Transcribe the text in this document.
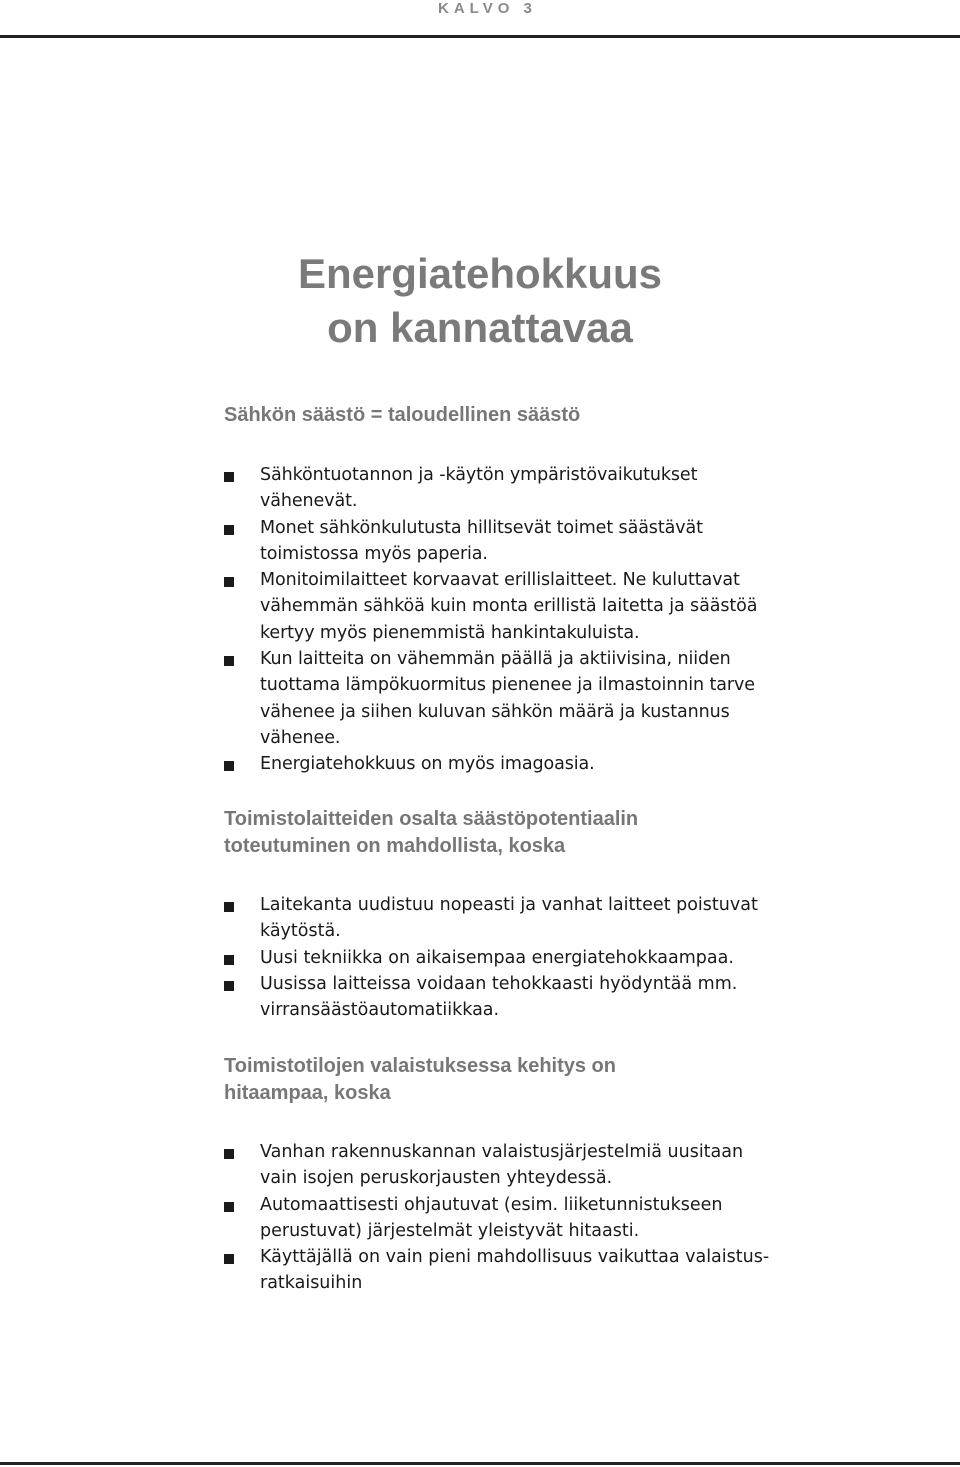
KALVO 3
Energiatehokkuus
on kannattavaa
Sähkön säästö = taloudellinen säästö
Sähköntuotannon ja -käytön ympäristövaikutukset vähenevät.
Monet sähkönkulutusta hillitsevät toimet säästävät toimistossa myös paperia.
Monitoimilaitteet korvaavat erillislaitteet. Ne kuluttavat vähemmän sähköä kuin monta erillistä laitetta ja säästöä kertyy myös pienemmistä hankintakuluista.
Kun laitteita on vähemmän päällä ja aktiivisina, niiden tuottama lämpökuormitus pienenee ja ilmastoinnin tarve vähenee ja siihen kuluvan sähkön määrä ja kustannus vähenee.
Energiatehokkuus on myös imagoasia.
Toimistolaitteiden osalta säästöpotentiaalin
toteutuminen on mahdollista, koska
Laitekanta uudistuu nopeasti ja vanhat laitteet poistuvat käytöstä.
Uusi tekniikka on aikaisempaa energiatehokkaampaa.
Uusissa laitteissa voidaan tehokkaasti hyödyntää mm. virransäästöautomatiikkaa.
Toimistotilojen valaistuksessa kehitys on
hitaampaa, koska
Vanhan rakennuskannan valaistusjärjestelmiä uusitaan vain isojen peruskorjausten yhteydessä.
Automaattisesti ohjautuvat (esim. liiketunnistukseen perustuvat) järjestelmät yleistyvät hitaasti.
Käyttäjällä on vain pieni mahdollisuus vaikuttaa valaistus-ratkaisuihin
